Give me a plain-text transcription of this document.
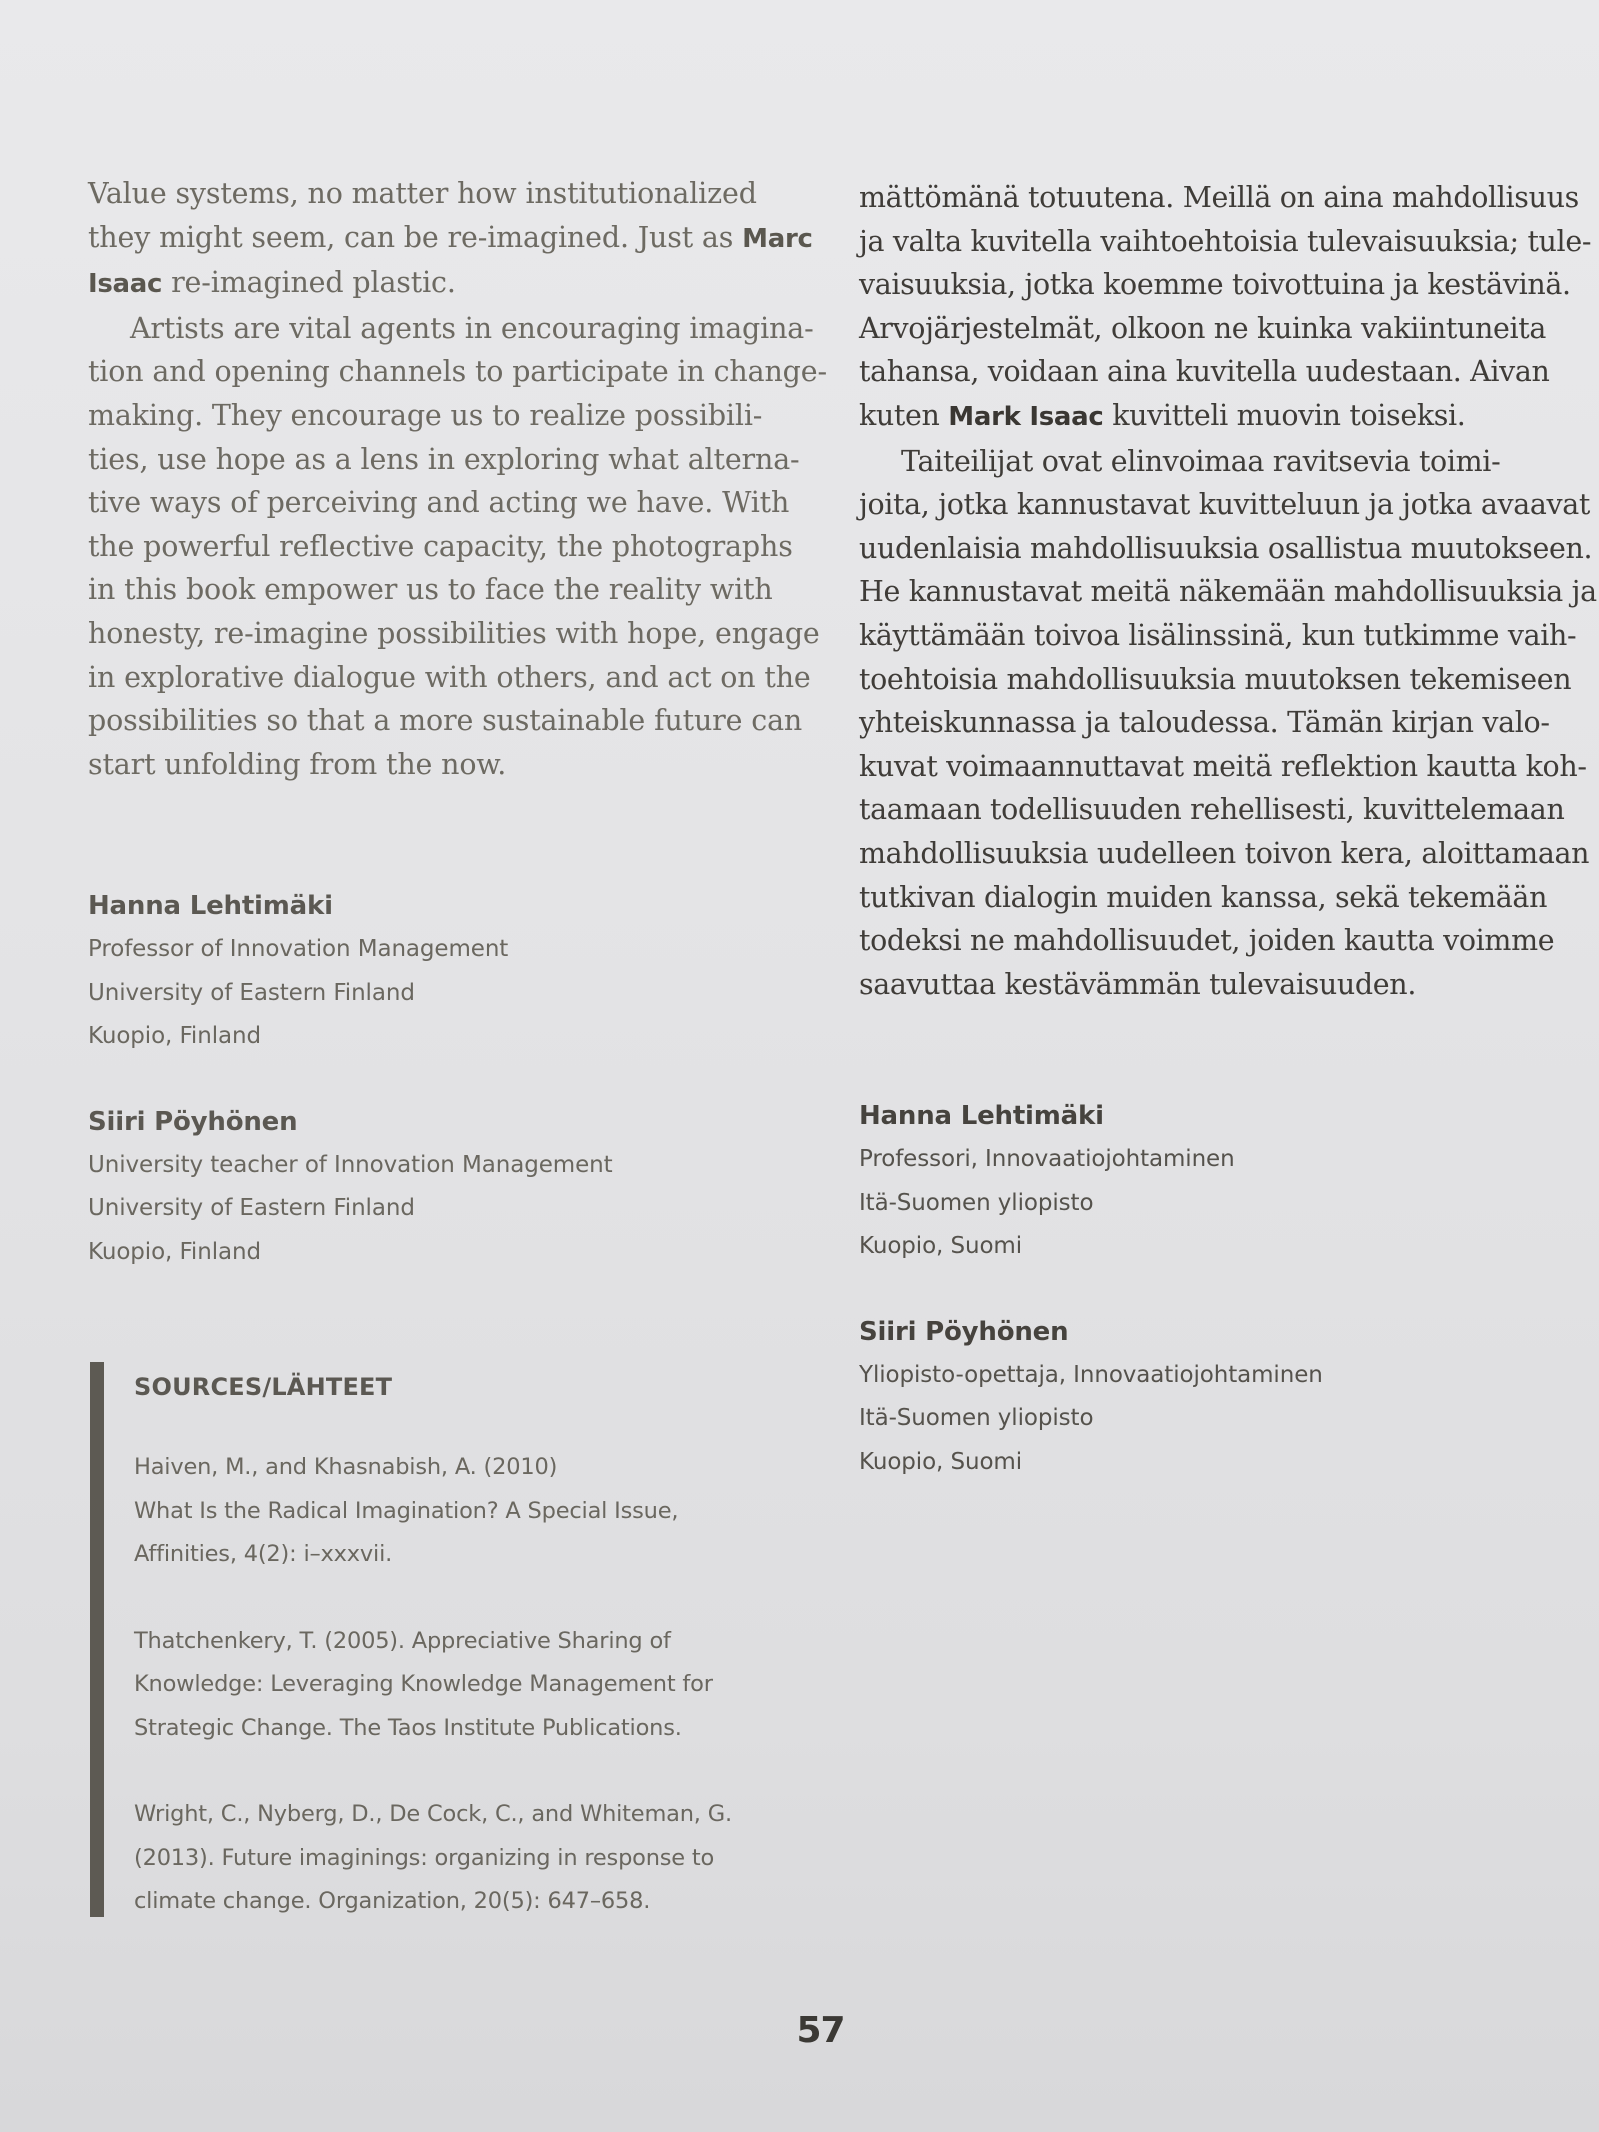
Value systems, no matter how institutionalized
they might seem, can be re-imagined. Just as Marc
Isaac re-imagined plastic.

Artists are vital agents in encouraging imagina-
tion and opening channels to participate in change-
making. They encourage us to realize possibili-
ties, use hope as a lens in exploring what alterna-
tive ways of perceiving and acting we have. With
the powerful reflective capacity, the photographs
in this book empower us to face the reality with
honesty, re-imagine possibilities with hope, engage
in explorative dialogue with others, and act on the
possibilities so that a more sustainable future can
start unfolding from the now.

Hanna Lehtimäki

Professor of Innovation Management

University of Eastern Finland

Kuopio, Finland

Siiri Pöyhönen

University teacher of Innovation Management

University of Eastern Finland

Kuopio, Finland

mättömänä totuutena. Meillä on aina mahdollisuus
ja valta kuvitella vaihtoehtoisia tulevaisuuksia; tule-
vaisuuksia, jotka koemme toivottuina ja kestävinä.
Arvojärjestelmät, olkoon ne kuinka vakiintuneita
tahansa, voidaan aina kuvitella uudestaan. Aivan

kuten Mark Isaac kuvitteli muovin toiseksi.

Taiteilijat ovat elinvoimaa ravitsevia toimi-
joita, jotka kannustavat kuvitteluun ja jotka avaavat
uudenlaisia mahdollisuuksia osallistua muutokseen.
He kannustavat meitä näkemään mahdollisuuksia ja
käyttämään toivoa lisälinssinä, kun tutkimme vaih-
toehtoisia mahdollisuuksia muutoksen tekemiseen
yhteiskunnassa ja taloudessa. Tämän kirjan valo-
kuvat voimaannuttavat meitä reflektion kautta koh-
taamaan todellisuuden rehellisesti, kuvittelemaan
mahdollisuuksia uudelleen toivon kera, aloittamaan
tutkivan dialogin muiden kanssa, sekä tekemään
todeksi ne mahdollisuudet, joiden kautta voimme
saavuttaa kestävämmän tulevaisuuden.

Hanna Lehtimäki

Professori, Innovaatiojohtaminen

Itä-Suomen yliopisto

Kuopio, Suomi

Siiri Pöyhönen

Yliopisto-opettaja, Innovaatiojohtaminen

Itä-Suomen yliopisto

Kuopio, Suomi

SOURCES/LÄHTEET

Haiven, M., and Khasnabish, A. (2010)
What Is the Radical Imagination? A Special Issue,
Affinities, 4(2): i–xxxvii.

Thatchenkery, T. (2005). Appreciative Sharing of
Knowledge: Leveraging Knowledge Management for
Strategic Change. The Taos Institute Publications.

Wright, C., Nyberg, D., De Cock, C., and Whiteman, G.
(2013). Future imaginings: organizing in response to
climate change. Organization, 20(5): 647–658.

57
